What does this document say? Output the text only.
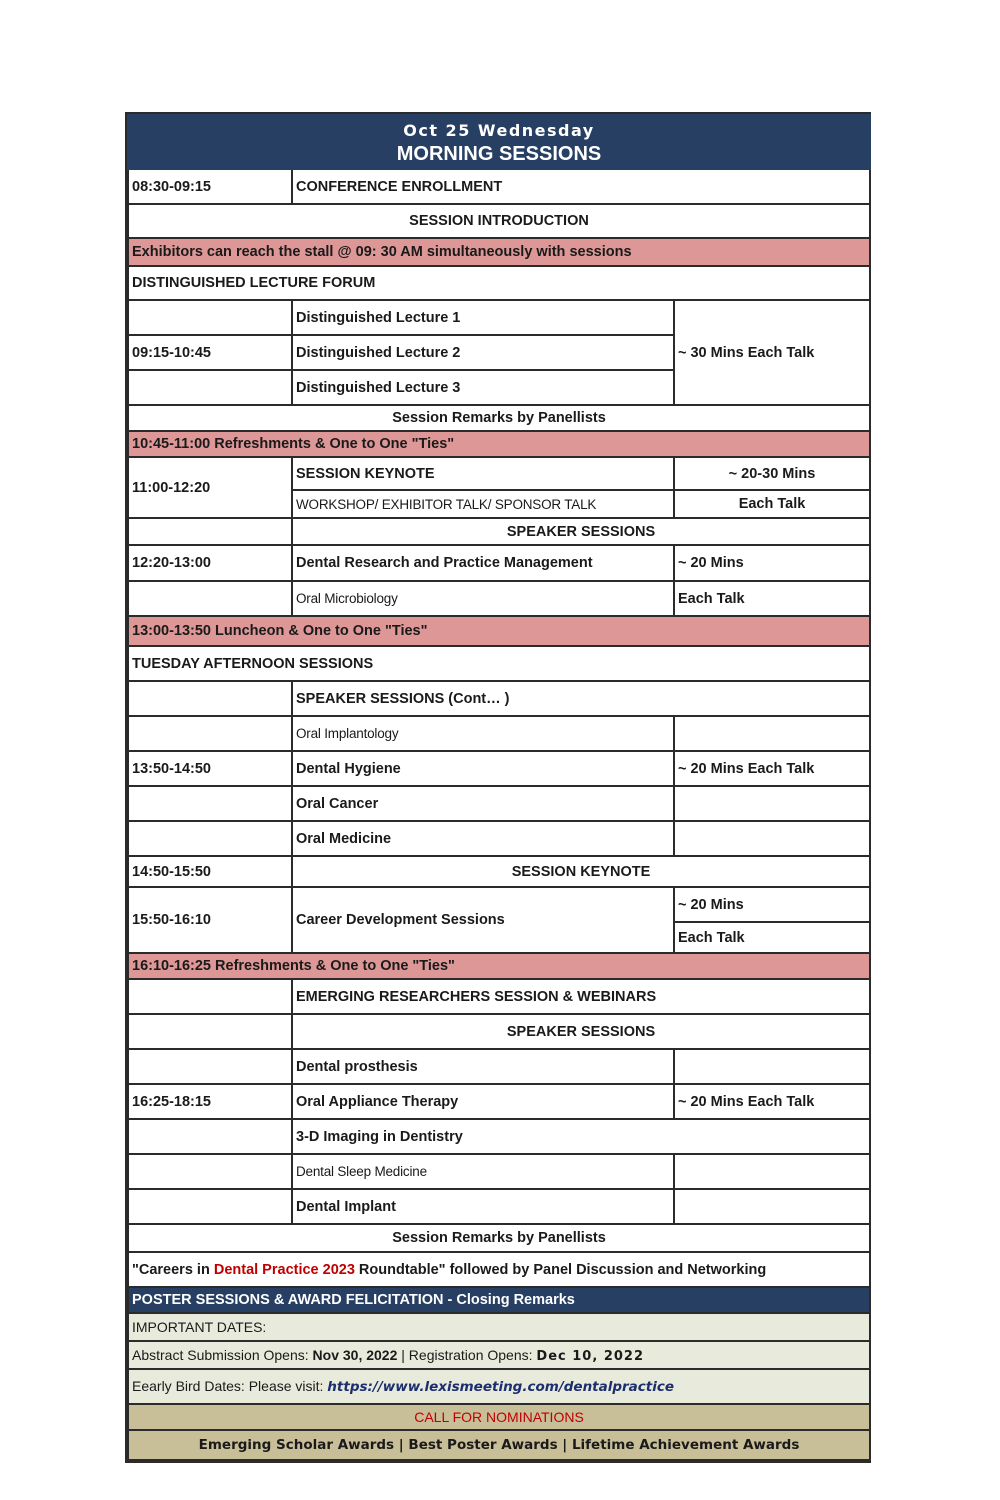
Oct 25 Wednesday
MORNING SESSIONS		

08:30-09:15	CONFERENCE ENROLLMENT	
SESSION INTRODUCTION		
Exhibitors can reach the stall @ 09: 30 AM simultaneously with sessions		
DISTINGUISHED LECTURE FORUM		
	Distinguished Lecture 1	~ 30 Mins Each Talk
09:15-10:45	Distinguished Lecture 2	
	Distinguished Lecture 3	
Session Remarks by Panellists		
10:45-11:00 Refreshments & One to One "Ties"		
11:00-12:20	SESSION KEYNOTE	~ 20-30 Mins
	WORKSHOP/ EXHIBITOR TALK/ SPONSOR TALK	Each Talk
	SPEAKER SESSIONS	
12:20-13:00	Dental Research and Practice Management	~ 20 Mins
	Oral Microbiology	Each Talk
13:00-13:50 Luncheon & One to One "Ties"		
TUESDAY AFTERNOON SESSIONS		
	SPEAKER SESSIONS (Cont… )	
	Oral Implantology	
13:50-14:50	Dental Hygiene	~ 20 Mins Each Talk
	Oral Cancer	
	Oral Medicine	
14:50-15:50	SESSION KEYNOTE	
15:50-16:10	Career Development Sessions	~ 20 Mins
		Each Talk
16:10-16:25 Refreshments & One to One "Ties"		
	EMERGING RESEARCHERS SESSION & WEBINARS	
	SPEAKER SESSIONS	
	Dental prosthesis	
16:25-18:15	Oral Appliance Therapy	~ 20 Mins Each Talk
	3-D Imaging in Dentistry	
	Dental Sleep Medicine	
	Dental Implant	
Session Remarks by Panellists		
"Careers in Dental Practice 2023 Roundtable" followed by Panel Discussion and Networking		
POSTER SESSIONS & AWARD FELICITATION - Closing Remarks		
IMPORTANT DATES:		
Abstract Submission Opens: Nov 30, 2022 | Registration Opens: Dec 10, 2022		
Eearly Bird Dates: Please visit: https://www.lexismeeting.com/dentalpractice		
CALL FOR NOMINATIONS		
Emerging Scholar Awards | Best Poster Awards | Lifetime Achievement Awards		
